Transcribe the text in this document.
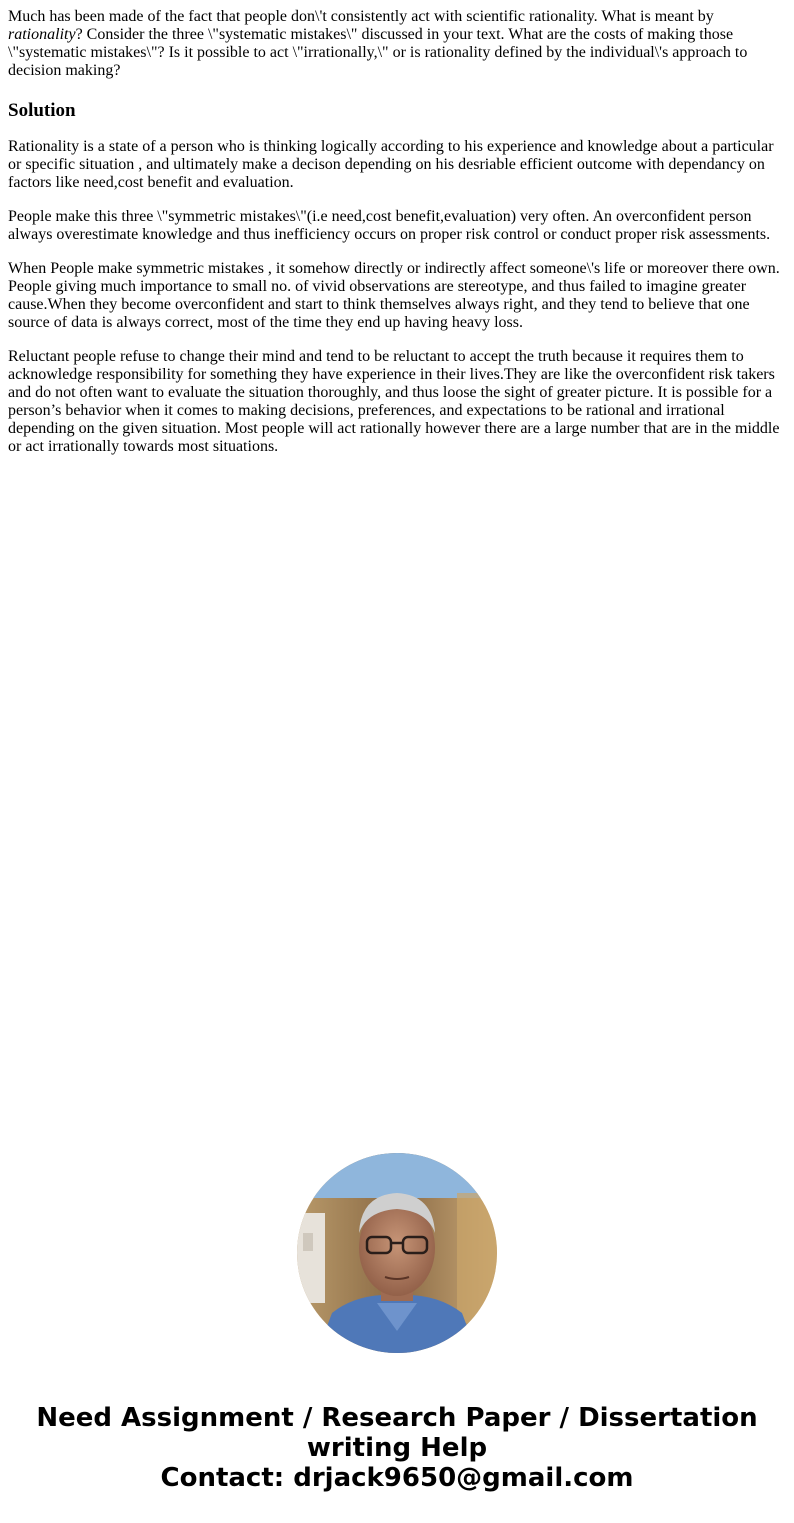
Much has been made of the fact that people don\'t consistently act with scientific rationality. What is meant by rationality? Consider the three \"systematic mistakes\" discussed in your text. What are the costs of making those \"systematic mistakes\"? Is it possible to act \"irrationally,\" or is rationality defined by the individual\'s approach to decision making?

Solution

Rationality is a state of a person who is thinking logically according to his experience and knowledge about a particular or specific situation , and ultimately make a decison depending on his desriable efficient outcome with dependancy on factors like need,cost benefit and evaluation.

People make this three \"symmetric mistakes\"(i.e need,cost benefit,evaluation) very often. An overconfident person always overestimate knowledge and thus inefficiency occurs on proper risk control or conduct proper risk assessments.

When People make symmetric mistakes , it somehow directly or indirectly affect someone\'s life or moreover there own. People giving much importance to small no. of vivid observations are stereotype, and thus failed to imagine greater cause.When they become overconfident and start to think themselves always right, and they tend to believe that one source of data is always correct, most of the time they end up having heavy loss.

Reluctant people refuse to change their mind and tend to be reluctant to accept the truth because it requires them to acknowledge responsibility for something they have experience in their lives.They are like the overconfident risk takers and do not often want to evaluate the situation thoroughly, and thus loose the sight of greater picture. It is possible for a person’s behavior when it comes to making decisions, preferences, and expectations to be rational and irrational depending on the given situation. Most people will act rationally however there are a large number that are in the middle or act irrationally towards most situations.

Need Assignment / Research Paper / Dissertation writing Help
Contact: drjack9650@gmail.com
